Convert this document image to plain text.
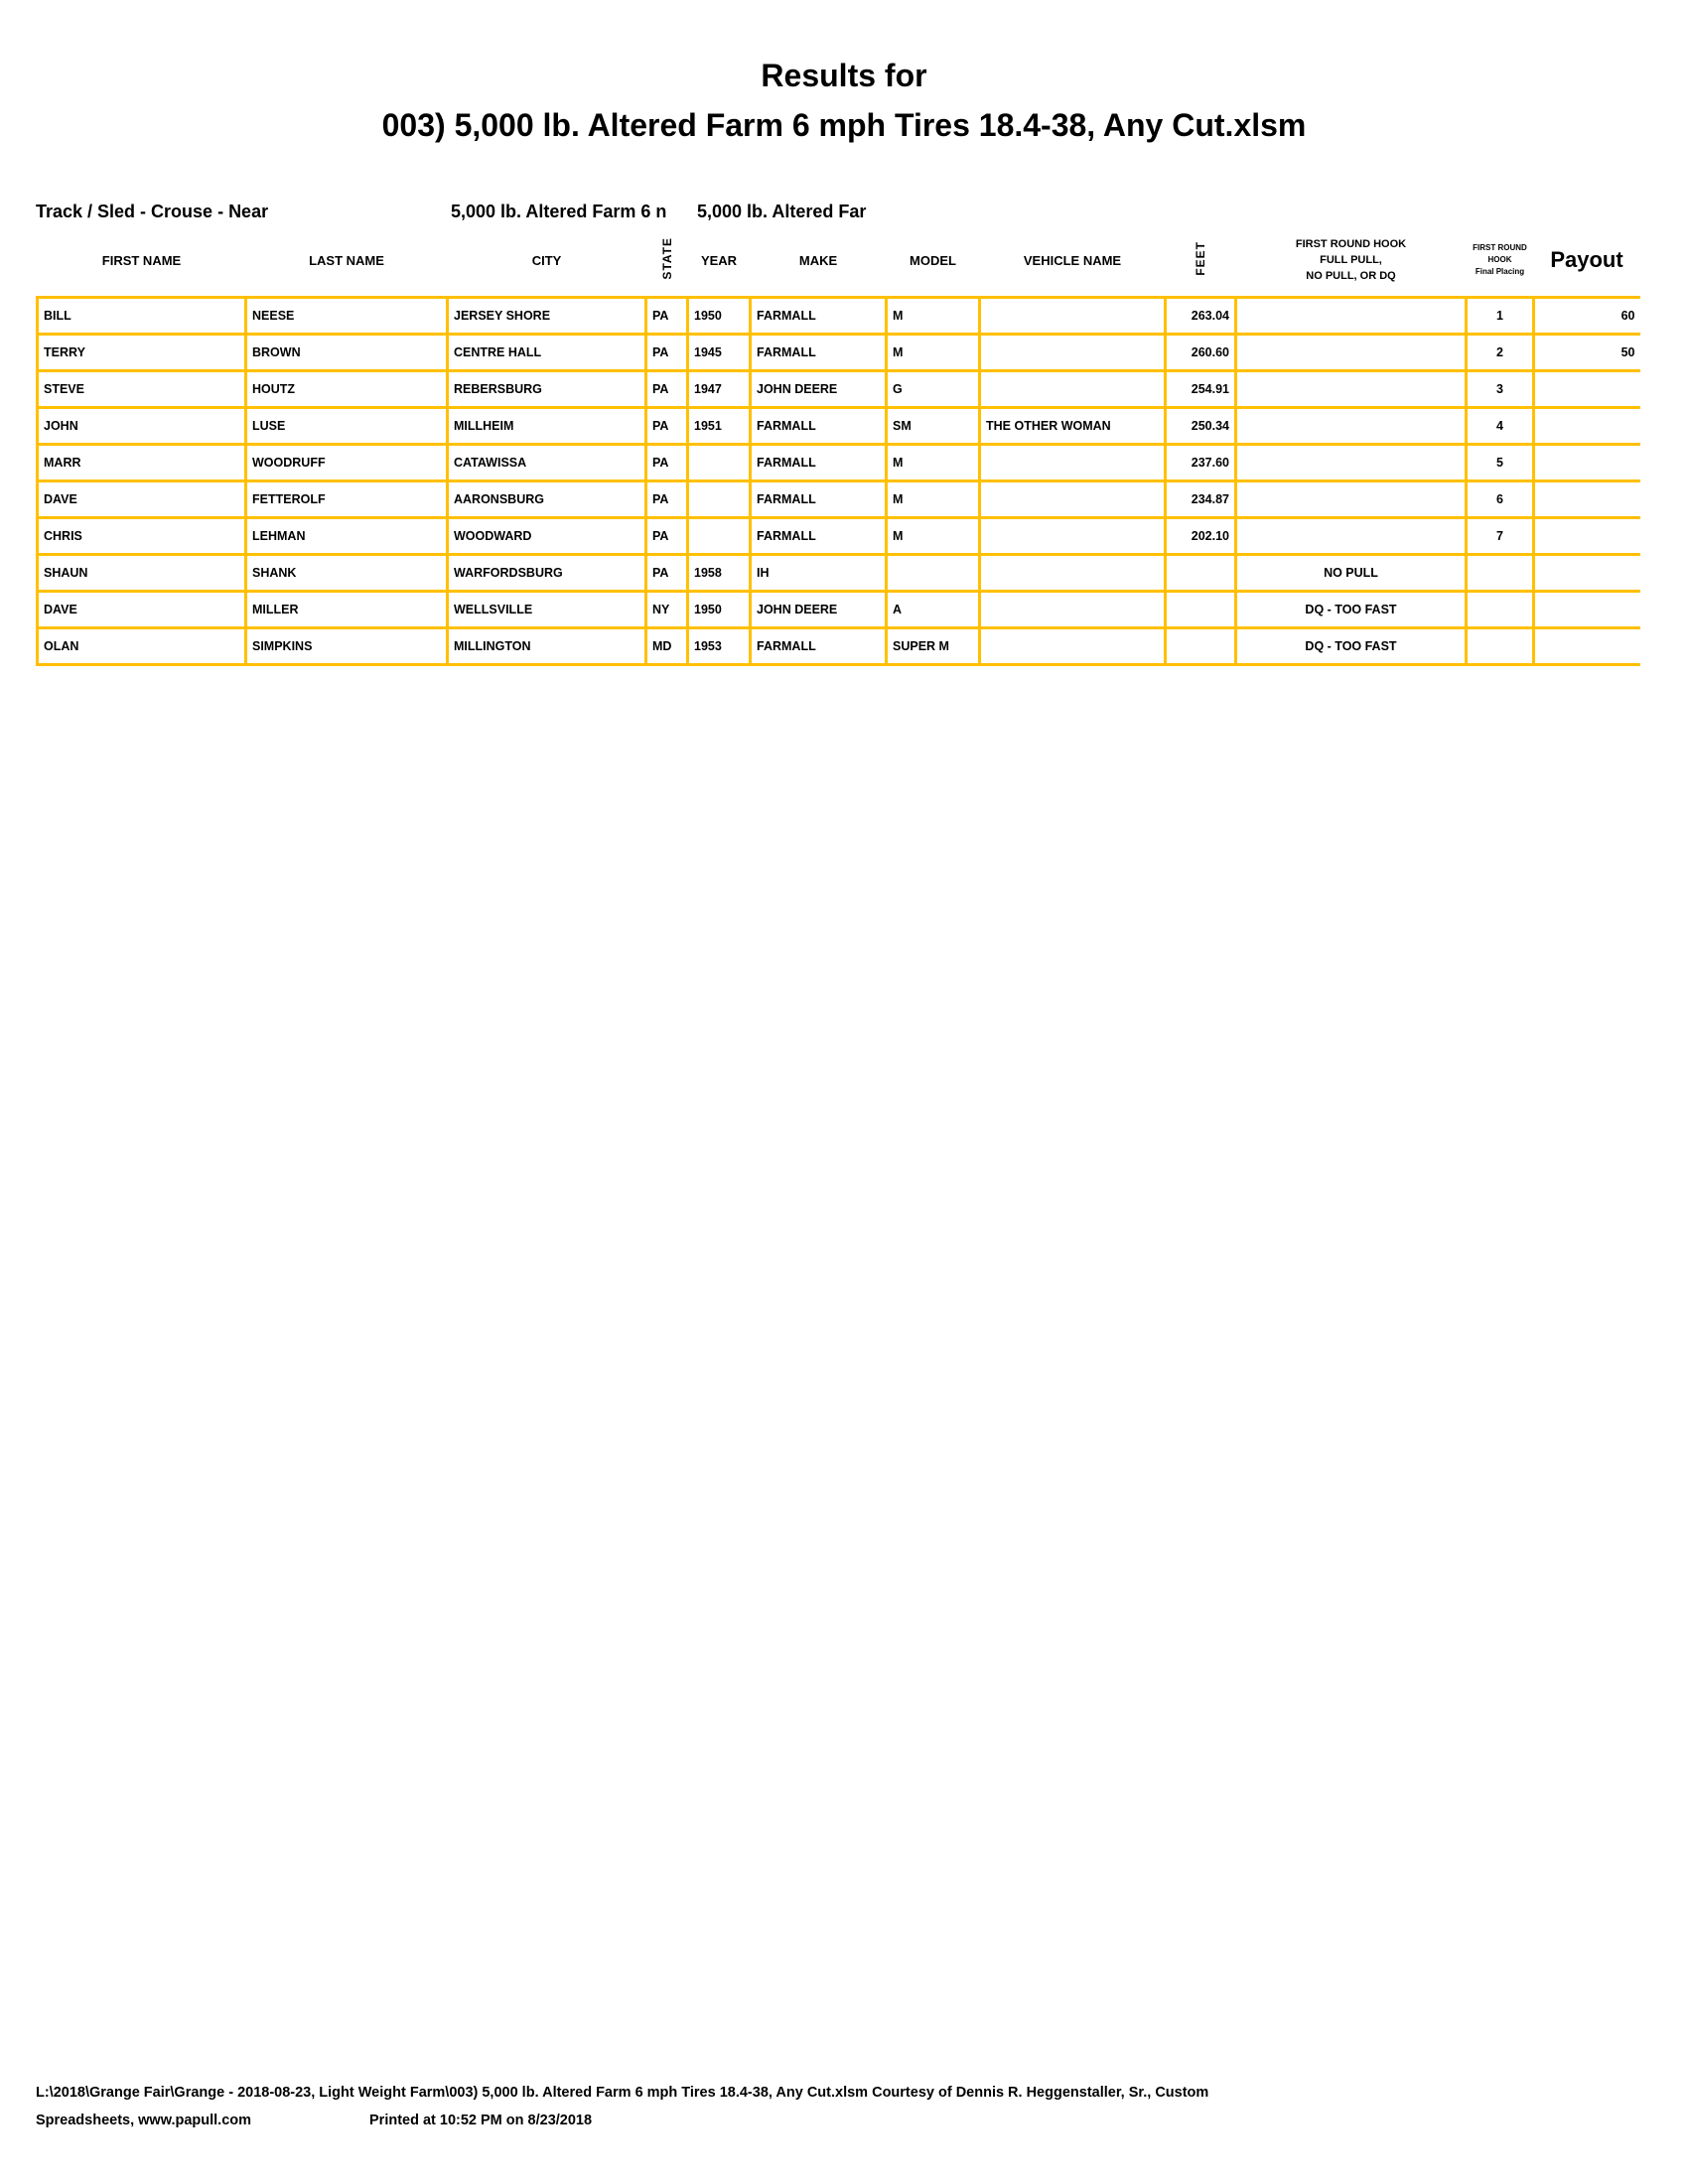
Results for
003) 5,000 lb. Altered Farm 6 mph Tires 18.4-38, Any Cut.xlsm
Track / Sled - Crouse - Near	5,000 lb. Altered Farm 6 n	5,000 lb. Altered Far
FIRST NAME	LAST NAME	CITY	STATE	YEAR	MAKE	MODEL	VEHICLE NAME	FEET	FIRST ROUND HOOK
FULL PULL,
NO PULL, OR DQ

FIRST ROUND
HOOK
Final Placing	Payout
BILL	NEESE	JERSEY SHORE	PA	1950	FARMALL	M		263.04		1	60
TERRY	BROWN	CENTRE HALL	PA	1945	FARMALL	M		260.60		2	50
STEVE	HOUTZ	REBERSBURG	PA	1947	JOHN DEERE	G		254.91		3	
JOHN	LUSE	MILLHEIM	PA	1951	FARMALL	SM	THE OTHER WOMAN	250.34		4	
MARR	WOODRUFF	CATAWISSA	PA		FARMALL	M		237.60		5	
DAVE	FETTEROLF	AARONSBURG	PA		FARMALL	M		234.87		6	
CHRIS	LEHMAN	WOODWARD	PA		FARMALL	M		202.10		7	
SHAUN	SHANK	WARFORDSBURG	PA	1958	IH				NO PULL		
DAVE	MILLER	WELLSVILLE	NY	1950	JOHN DEERE	A			DQ - TOO FAST		
OLAN	SIMPKINS	MILLINGTON	MD	1953	FARMALL	SUPER M			DQ - TOO FAST		
L:\2018\Grange Fair\Grange - 2018-08-23, Light Weight Farm\003) 5,000 lb. Altered Farm 6 mph Tires 18.4-38, Any Cut.xlsm Courtesy of Dennis R. Heggenstaller, Sr., Custom
Spreadsheets, www.papull.com	Printed at 10:52 PM on 8/23/2018
